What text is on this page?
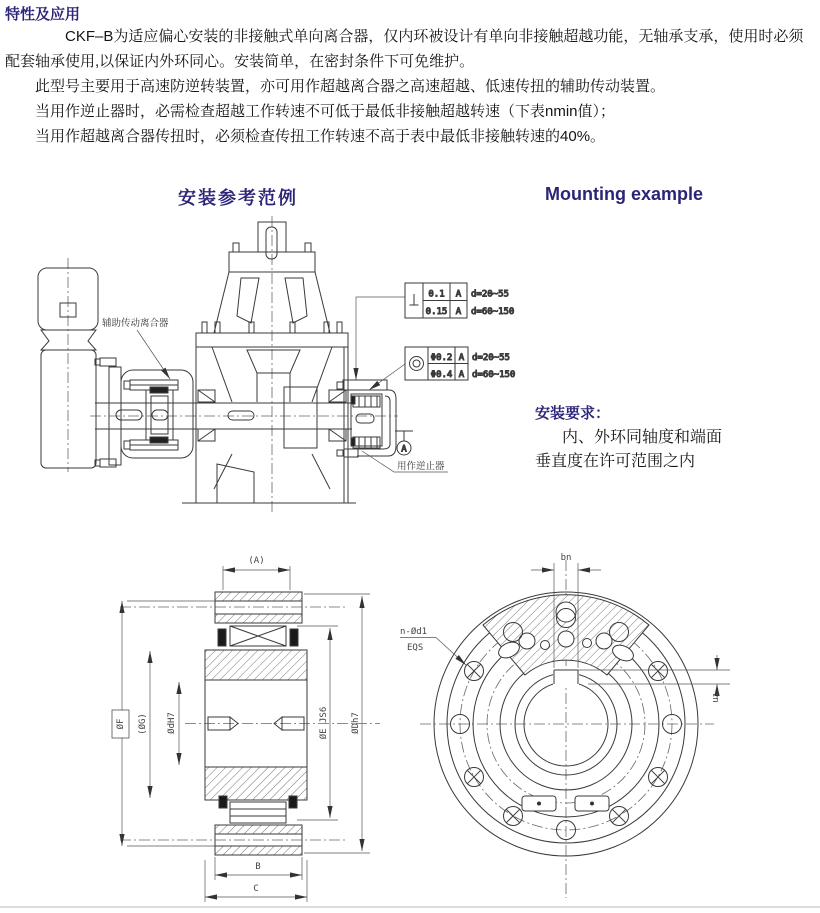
特性及应用

CKF–B为适应偏心安装的非接触式单向离合器，仅内环被设计有单向非接触超越功能，无轴承支承，使用时必须配套轴承使用,以保证内外环同心。安装简单，在密封条件下可免维护。

此型号主要用于高速防逆转装置，亦可用作超越离合器之高速超越、低速传扭的辅助传动装置。

当用作逆止器时，必需检查超越工作转速不可低于最低非接触超越转速（下表nmin值）；

当用作超越离合器传扭时，必须检查传扭工作转速不高于表中最低非接触转速的40%。

安装参考范例	Mounting example
A
辅助传动离合器
用作逆止器
0.1 A
0.15 A
d=20~55
d=60~150
Φ0.2 A
Φ0.4 A
d=20~55
d=60~150

安装要求：

内、外环同轴度和端面

垂直度在许可范围之内

(A)
ØF (ØG) ØdH7	ØE JS6 ØDh7
B
C
bn
tn
n-Ød1
EQS
